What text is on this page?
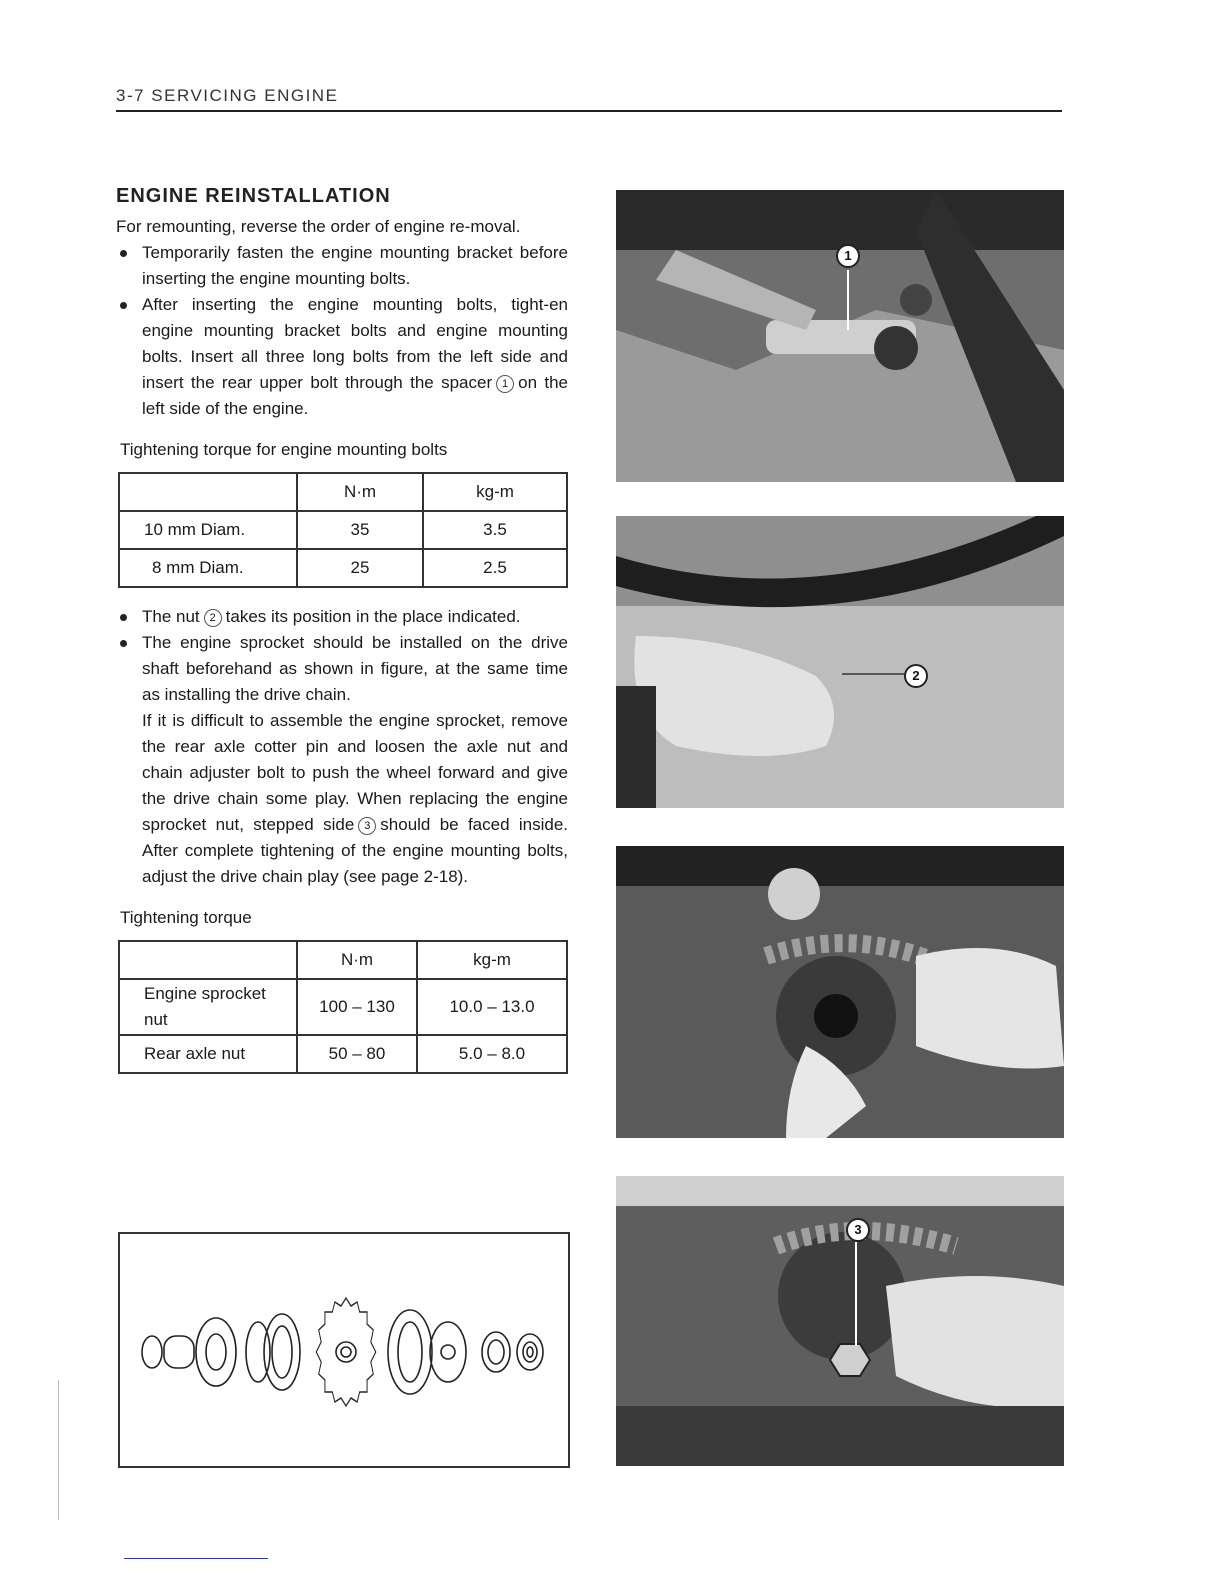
3-7 SERVICING ENGINE
ENGINE REINSTALLATION

For remounting, reverse the order of engine re-moval.

Temporarily fasten the engine mounting bracket before inserting the engine mounting bolts.
After inserting the engine mounting bolts, tight-en engine mounting bracket bolts and engine mounting bolts. Insert all three long bolts from the left side and insert the rear upper bolt through the spacer 1 on the left side of the engine.
Tightening torque for engine mounting bolts
	N·m	kg-m
10 mm Diam.	35	3.5
8 mm Diam.	25	2.5
The nut 2 takes its position in the place indicated.
The engine sprocket should be installed on the drive shaft beforehand as shown in figure, at the same time as installing the drive chain.
If it is difficult to assemble the engine sprocket, remove the rear axle cotter pin and loosen the axle nut and chain adjuster bolt to push the wheel forward and give the drive chain some play. When replacing the engine sprocket nut, stepped side 3 should be faced inside. After complete tightening of the engine mounting bolts, adjust the drive chain play (see page 2-18).
Tightening torque
	N·m	kg-m
Engine sprocket nut	100 – 130	10.0 – 13.0
Rear axle nut	50 – 80	5.0 – 8.0
1
2
3
